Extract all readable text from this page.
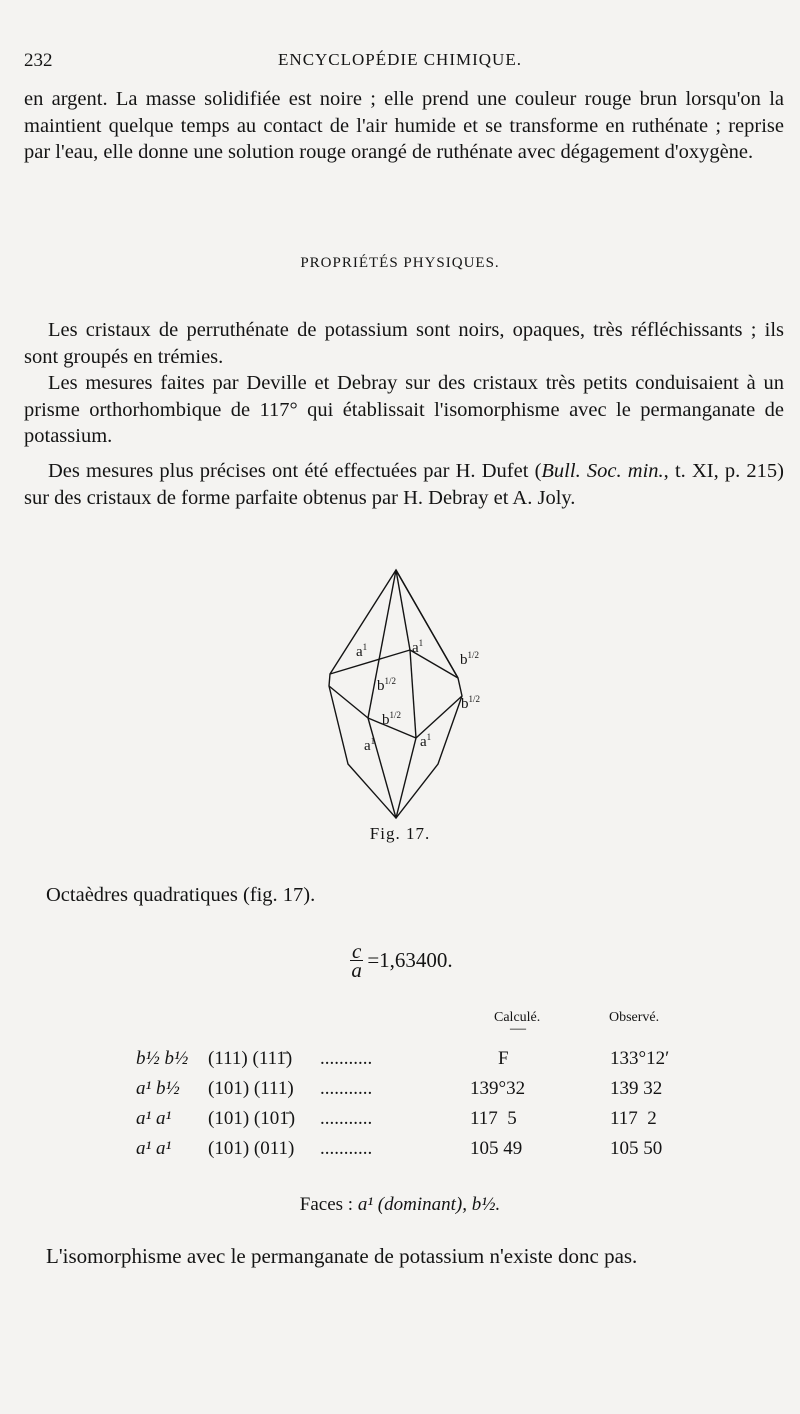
232	ENCYCLOPÉDIE CHIMIQUE.

en argent. La masse solidifiée est noire ; elle prend une couleur rouge brun lorsqu'on la maintient quelque temps au contact de l'air humide et se transforme en ruthénate ; reprise par l'eau, elle donne une solution rouge orangé de ruthénate avec dégagement d'oxygène.

PROPRIÉTÉS PHYSIQUES.

Les cristaux de perruthénate de potassium sont noirs, opaques, très réfléchissants ; ils sont groupés en trémies.

Les mesures faites par Deville et Debray sur des cristaux très petits conduisaient à un prisme orthorhombique de 117° qui établissait l'isomorphisme avec le permanganate de potassium.

Des mesures plus précises ont été effectuées par H. Dufet (Bull. Soc. min., t. XI, p. 215) sur des cristaux de forme parfaite obtenus par H. Debray et A. Joly.

$a^1$	$a^1$
$b^{1/2}$
$b^{1/2}$
$b^{1/2}$
$b^{1/2}$
$a^1$	$a^1$
Fig. 17.

Octaèdres quadratiques (fig. 17).

$\frac{c}{a} =1,63400$.
Calculé.	Observé.
—
b½ b½ (111) (111̄) ...........	F	133°12′
a¹ b½ (101) (111) ...........	139°32	139 32
a¹ a¹ (101) (101̄) ...........	117  5	117  2
a¹ a¹ (101) (011) ...........	105 49	105 50
Faces : a¹ (dominant), b½.
L'isomorphisme avec le permanganate de potassium n'existe donc pas.
